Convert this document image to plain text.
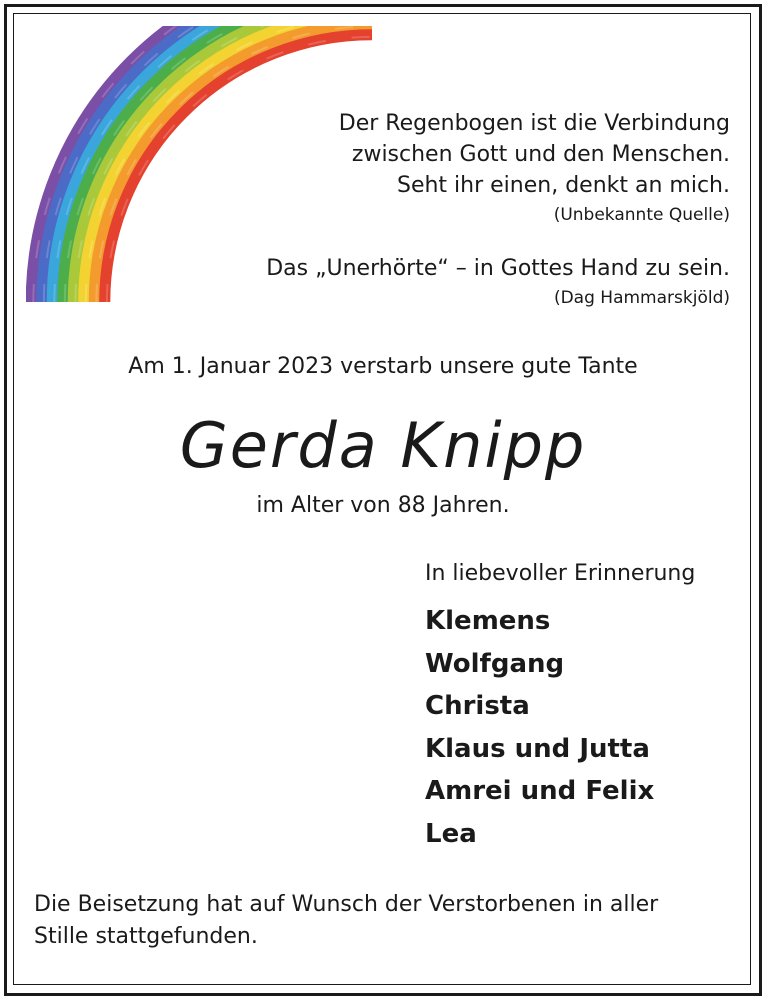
Der Regenbogen ist die Verbindung
zwischen Gott und den Menschen.
Seht ihr einen, denkt an mich.
(Unbekannte Quelle)
Das „Unerhörte“ – in Gottes Hand zu sein.
(Dag Hammarskjöld)
Am 1. Januar 2023 verstarb unsere gute Tante
Gerda Knipp
im Alter von 88 Jahren.
In liebevoller Erinnerung
Klemens
Wolfgang
Christa
Klaus und Jutta
Amrei und Felix
Lea
Die Beisetzung hat auf Wunsch der Verstorbenen in aller
Stille stattgefunden.
